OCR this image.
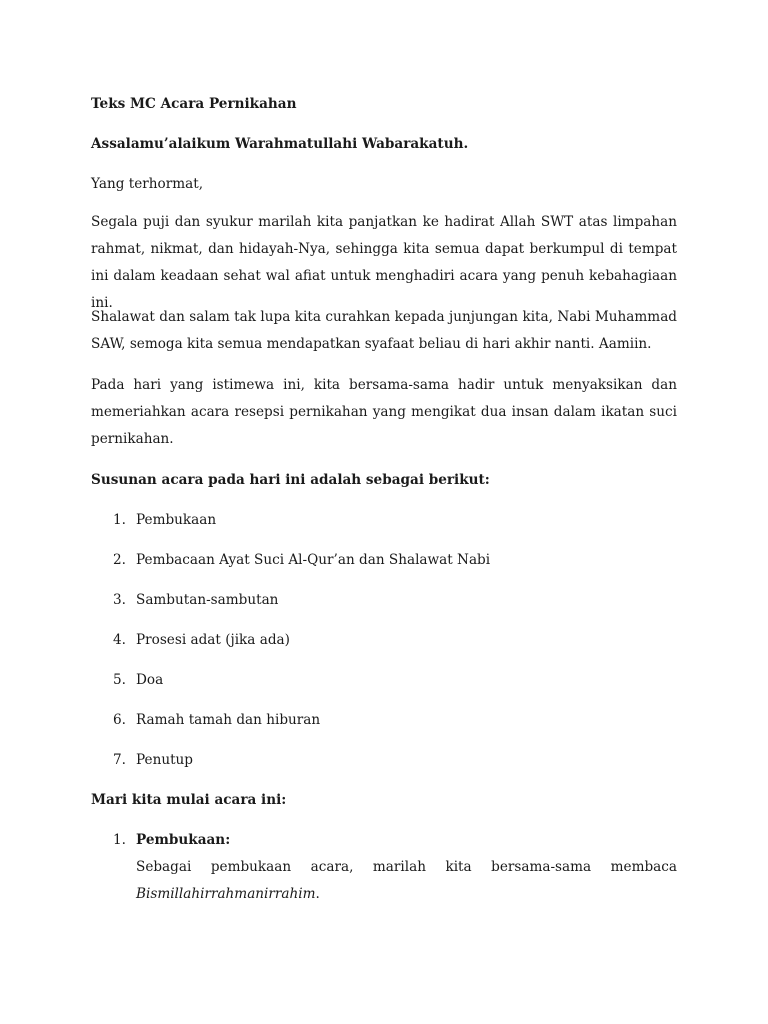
Teks MC Acara Pernikahan

Assalamu’alaikum Warahmatullahi Wabarakatuh.

Yang terhormat,

Segala puji dan syukur marilah kita panjatkan ke hadirat Allah SWT atas limpahan rahmat, nikmat, dan hidayah-Nya, sehingga kita semua dapat berkumpul di tempat ini dalam keadaan sehat wal afiat untuk menghadiri acara yang penuh kebahagiaan ini.

Shalawat dan salam tak lupa kita curahkan kepada junjungan kita, Nabi Muhammad SAW, semoga kita semua mendapatkan syafaat beliau di hari akhir nanti. Aamiin.

Pada hari yang istimewa ini, kita bersama-sama hadir untuk menyaksikan dan memeriahkan acara resepsi pernikahan yang mengikat dua insan dalam ikatan suci pernikahan.

Susunan acara pada hari ini adalah sebagai berikut:

1. Pembukaan
2. Pembacaan Ayat Suci Al-Qur’an dan Shalawat Nabi
3. Sambutan-sambutan
4. Prosesi adat (jika ada)
5. Doa
6. Ramah tamah dan hiburan
7. Penutup

Mari kita mulai acara ini:

1. Pembukaan:
Sebagai pembukaan acara, marilah kita bersama-sama membaca
Bismillahirrahmanirrahim.
